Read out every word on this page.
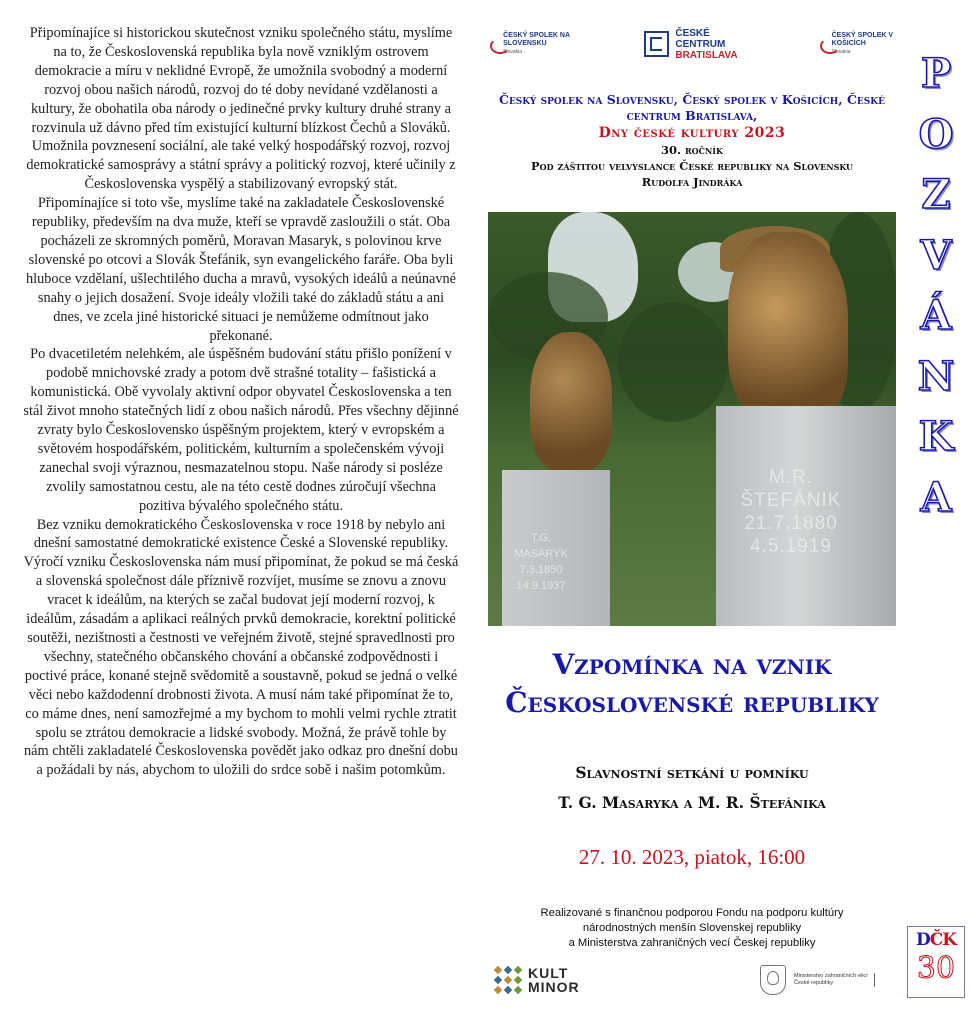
Připomínajíce si historickou skutečnost vzniku společného státu, myslíme na to, že Československá republika byla nově vzniklým ostrovem demokracie a míru v neklidné Evropě, že umožnila svobodný a moderní rozvoj obou našich národů, rozvoj do té doby nevídané vzdělanosti a kultury, že obohatila oba národy o jedinečné prvky kultury druhé strany a rozvinula už dávno před tím existující kulturní blízkost Čechů a Slováků. Umožnila povznesení sociální, ale také velký hospodářský rozvoj, rozvoj demokratické samosprávy a státní správy a politický rozvoj, které učinily z Československa vyspělý a stabilizovaný evropský stát.

Připomínajíce si toto vše, myslíme také na zakladatele Československé republiky, především na dva muže, kteří se vpravdě zasloužili o stát. Oba pocházeli ze skromných poměrů, Moravan Masaryk, s polovinou krve slovenské po otcovi a Slovák Štefánik, syn evangelického faráře. Oba byli hluboce vzdělaní, ušlechtilého ducha a mravů, vysokých ideálů a neúnavné snahy o jejich dosažení. Svoje ideály vložili také do základů státu a ani dnes, ve zcela jiné historické situaci je nemůžeme odmítnout jako překonané.

Po dvacetiletém nelehkém, ale úspěšném budování státu přišlo ponížení v podobě mnichovské zrady a potom dvě strašné totality – fašistická a komunistická. Obě vyvolaly aktivní odpor obyvatel Československa a ten stál život mnoho statečných lidí z obou našich národů. Přes všechny dějinné zvraty bylo Československo úspěšným projektem, který v evropském a světovém hospodářském, politickém, kulturním a společenském vývoji zanechal svoji výraznou, nesmazatelnou stopu. Naše národy si posléze zvolily samostatnou cestu, ale na této cestě dodnes zúročují všechna pozitiva bývalého společného státu.

Bez vzniku demokratického Československa v roce 1918 by nebylo ani dnešní samostatné demokratické existence České a Slovenské republiky.

Výročí vzniku Československa nám musí připomínat, že pokud se má česká a slovenská společnost dále příznivě rozvíjet, musíme se znovu a znovu vracet k ideálům, na kterých se začal budovat její moderní rozvoj, k ideálům, zásadám a aplikaci reálných prvků demokracie, korektní politické soutěži, nezištnosti a čestnosti ve veřejném životě, stejné spravedlnosti pro všechny, statečného občanského chování a občanské zodpovědnosti i poctivé práce, konané stejně svědomitě a soustavně, pokud se jedná o velké věci nebo každodenní drobnosti života. A musí nám také připomínat že to, co máme dnes, není samozřejmé a my bychom to mohli velmi rychle ztratit spolu se ztrátou demokracie a lidské svobody. Možná, že právě tohle by nám chtěli zakladatelé Československa povědět jako odkaz pro dnešní dobu a požádali by nás, abychom to uložili do srdce sobě i našim potomkům.

ČESKÝ SPOLEK NA SLOVENSKU
Slovakia
ČESKÉ CENTRUM
BRATISLAVA
ČESKÝ SPOLEK V KOŠICÍCH
Slovakia
Český spolek na Slovensku, Český spolek v Košicích, České centrum Bratislava,
Dny české kultury 2023
30. ročník
Pod záštitou velvyslance České republiky na Slovensku
Rudolfa Jindráka
T.G.
MASARYK
7.3.1850
14.9.1937
M.R.
ŠTEFÁNIK
21.7.1880
4.5.1919
Vzpomínka na vznik
Československé republiky
Slavnostní setkání u pomníku
T. G. Masaryka a M. R. Štefánika
27. 10. 2023, piatok, 16:00
Realizované s finančnou podporou Fondu na podporu kultúry
národnostných menšín Slovenskej republiky
a Ministerstva zahraničných vecí Českej republiky
KULT
MINOR
Ministerstvo zahraničních věcí
České republiky
P
O
Z
V
Á
N
K
A
DČK
30
